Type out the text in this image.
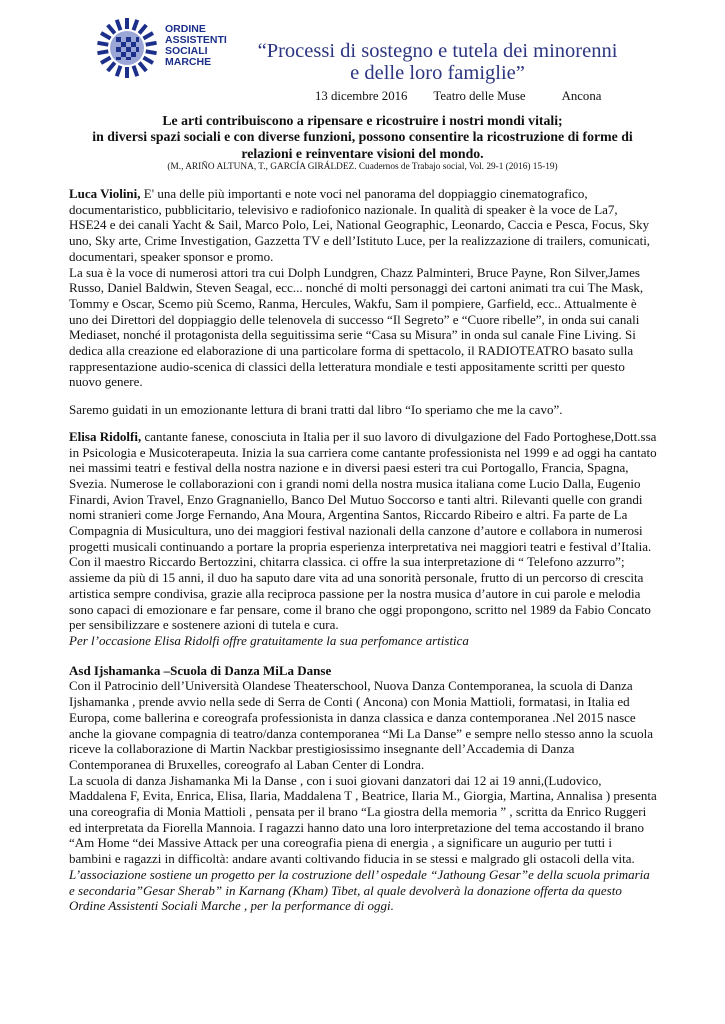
ORDINE
ASSISTENTI
SOCIALI
MARCHE	“Processi di sostegno e tutela dei minorenni
e delle loro famiglie”
13 dicembre 2016 Teatro delle Muse	Ancona
Le arti contribuiscono a ripensare e ricostruire i nostri mondi vitali;
in diversi spazi sociali e con diverse funzioni, possono consentire la ricostruzione di forme di
relazioni e reinventare visioni del mondo.
(M., ARIÑO ALTUNA, T., GARCÍA GIRÁLDEZ. Cuadernos de Trabajo social, Vol. 29-1 (2016) 15-19)

Luca Violini, E' una delle più importanti e note voci nel panorama del doppiaggio cinematografico, documentaristico, pubblicitario, televisivo e radiofonico nazionale. In qualità di speaker è la voce de La7, HSE24 e dei canali Yacht & Sail, Marco Polo, Lei, National Geographic, Leonardo, Caccia e Pesca, Focus, Sky uno, Sky arte, Crime Investigation, Gazzetta TV e dell’Istituto Luce, per la realizzazione di trailers, comunicati, documentari, speaker sponsor e promo.

La sua è la voce di numerosi attori tra cui Dolph Lundgren, Chazz Palminteri, Bruce Payne, Ron Silver,James Russo, Daniel Baldwin, Steven Seagal, ecc... nonché di molti personaggi dei cartoni animati tra cui The Mask, Tommy e Oscar, Scemo più Scemo, Ranma, Hercules, Wakfu, Sam il pompiere, Garfield, ecc.. Attualmente è uno dei Direttori del doppiaggio delle telenovela di successo “Il Segreto” e “Cuore ribelle”, in onda sui canali Mediaset, nonché il protagonista della seguitissima serie “Casa su Misura” in onda sul canale Fine Living. Si dedica alla creazione ed elaborazione di una particolare forma di spettacolo, il RADIOTEATRO basato sulla rappresentazione audio-scenica di classici della letteratura mondiale e testi appositamente scritti per questo nuovo genere.

Saremo guidati in un emozionante lettura di brani tratti dal libro “Io speriamo che me la cavo”.

Elisa Ridolfi, cantante fanese, conosciuta in Italia per il suo lavoro di divulgazione del Fado Portoghese,Dott.ssa in Psicologia e Musicoterapeuta. Inizia la sua carriera come cantante professionista nel 1999 e ad oggi ha cantato nei massimi teatri e festival della nostra nazione e in diversi paesi esteri tra cui Portogallo, Francia, Spagna, Svezia. Numerose le collaborazioni con i grandi nomi della nostra musica italiana come Lucio Dalla, Eugenio Finardi, Avion Travel, Enzo Gragnaniello, Banco Del Mutuo Soccorso e tanti altri. Rilevanti quelle con grandi nomi stranieri come Jorge Fernando, Ana Moura, Argentina Santos, Riccardo Ribeiro e altri. Fa parte de La Compagnia di Musicultura, uno dei maggiori festival nazionali della canzone d’autore e collabora in numerosi progetti musicali continuando a portare la propria esperienza interpretativa nei maggiori teatri e festival d’Italia.

Con il maestro Riccardo Bertozzini, chitarra classica. ci offre la sua interpretazione di “ Telefono azzurro”; assieme da più di 15 anni, il duo ha saputo dare vita ad una sonorità personale, frutto di un percorso di crescita artistica sempre condivisa, grazie alla reciproca passione per la nostra musica d’autore in cui parole e melodia sono capaci di emozionare e far pensare, come il brano che oggi propongono, scritto nel 1989 da Fabio Concato per sensibilizzare e sostenere azioni di tutela e cura.

Per l’occasione Elisa Ridolfi offre gratuitamente la sua perfomance artistica

Asd Ijshamanka –Scuola di Danza MiLa Danse

Con il Patrocinio dell’Università Olandese Theaterschool, Nuova Danza Contemporanea, la scuola di Danza Ijshamanka , prende avvio nella sede di Serra de Conti ( Ancona) con Monia Mattioli, formatasi, in Italia ed Europa, come ballerina e coreografa professionista in danza classica e danza contemporanea .Nel 2015 nasce anche la giovane compagnia di teatro/danza contemporanea “Mi La Danse” e sempre nello stesso anno la scuola riceve la collaborazione di Martin Nackbar prestigiosissimo insegnante dell’Accademia di Danza Contemporanea di Bruxelles, coreografo al Laban Center di Londra.

La scuola di danza Jishamanka Mi la Danse , con i suoi giovani danzatori dai 12 ai 19 anni,(Ludovico, Maddalena F, Evita, Enrica, Elisa, Ilaria, Maddalena T , Beatrice, Ilaria M., Giorgia, Martina, Annalisa ) presenta una coreografia di Monia Mattioli , pensata per il brano “La giostra della memoria ” , scritta da Enrico Ruggeri ed interpretata da Fiorella Mannoia. I ragazzi hanno dato una loro interpretazione del tema accostando il brano “Am Home “dei Massive Attack per una coreografia piena di energia , a significare un augurio per tutti i bambini e ragazzi in difficoltà: andare avanti coltivando fiducia in se stessi e malgrado gli ostacoli della vita.

L’associazione sostiene un progetto per la costruzione dell’ ospedale “Jathoung Gesar”e della scuola primaria e secondaria”Gesar Sherab” in Karnang (Kham) Tibet, al quale devolverà la donazione offerta da questo Ordine Assistenti Sociali Marche , per la performance di oggi.
